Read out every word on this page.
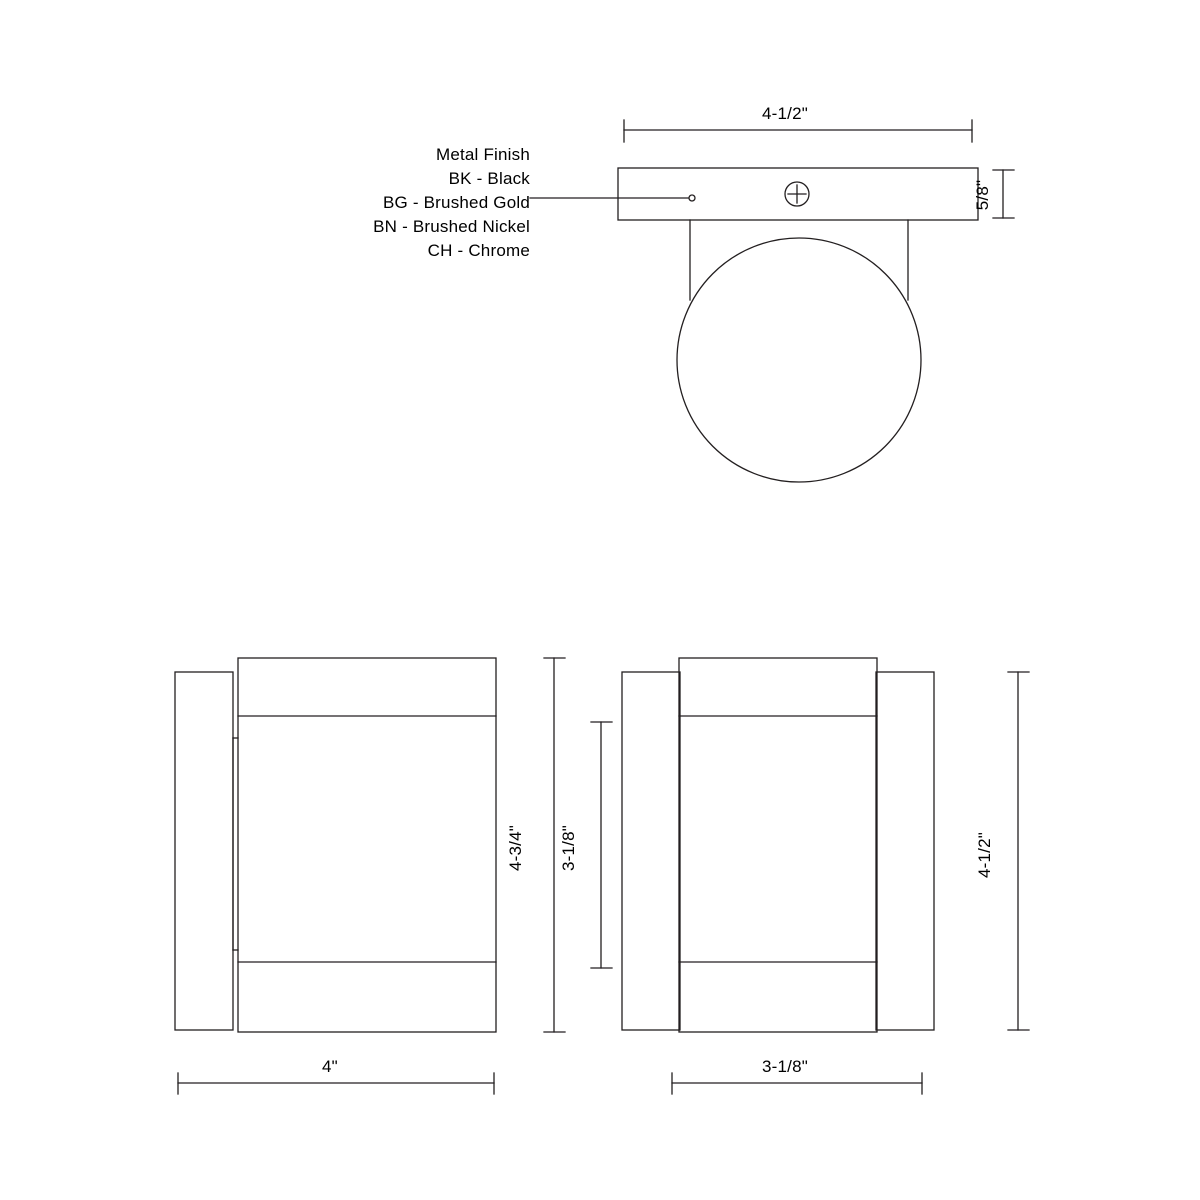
Metal Finish
BK - Black
BG - Brushed Gold
BN - Brushed Nickel
CH - Chrome
4-1/2"
5/8"
4-3/4" 3-1/8"
4"
4-1/2"
3-1/8"
